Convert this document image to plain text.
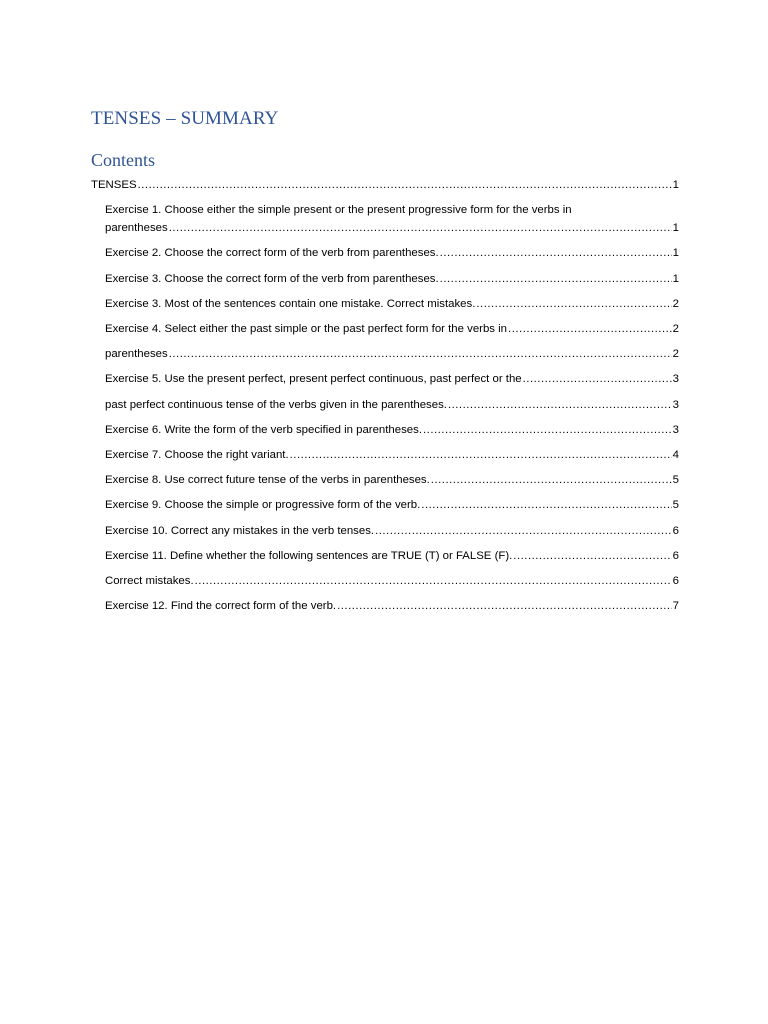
TENSES – SUMMARY
Contents
TENSES .....	1
Exercise 1. Choose either the simple present or the present progressive form for the verbs in
parentheses .....	1
Exercise 2. Choose the correct form of the verb from parentheses. .....	1
Exercise 3. Choose the correct form of the verb from parentheses. .....	1
Exercise 3. Most of the sentences contain one mistake. Correct mistakes. .....	2
Exercise 4. Select either the past simple or the past perfect form for the verbs in .....	2
parentheses .....	2
Exercise 5. Use the present perfect, present perfect continuous, past perfect or the .....	3
past perfect continuous tense of the verbs given in the parentheses. .....	3
Exercise 6. Write the form of the verb specified in parentheses. .....	3
Exercise 7. Choose the right variant. .....	4
Exercise 8. Use correct future tense of the verbs in parentheses. .....	5
Exercise 9. Choose the simple or progressive form of the verb. .....	5
Exercise 10. Correct any mistakes in the verb tenses. .....	6
Exercise 11. Define whether the following sentences are TRUE (T) or FALSE (F). .....	6
Correct mistakes. .....	6
Exercise 12. Find the correct form of the verb. .....	7
